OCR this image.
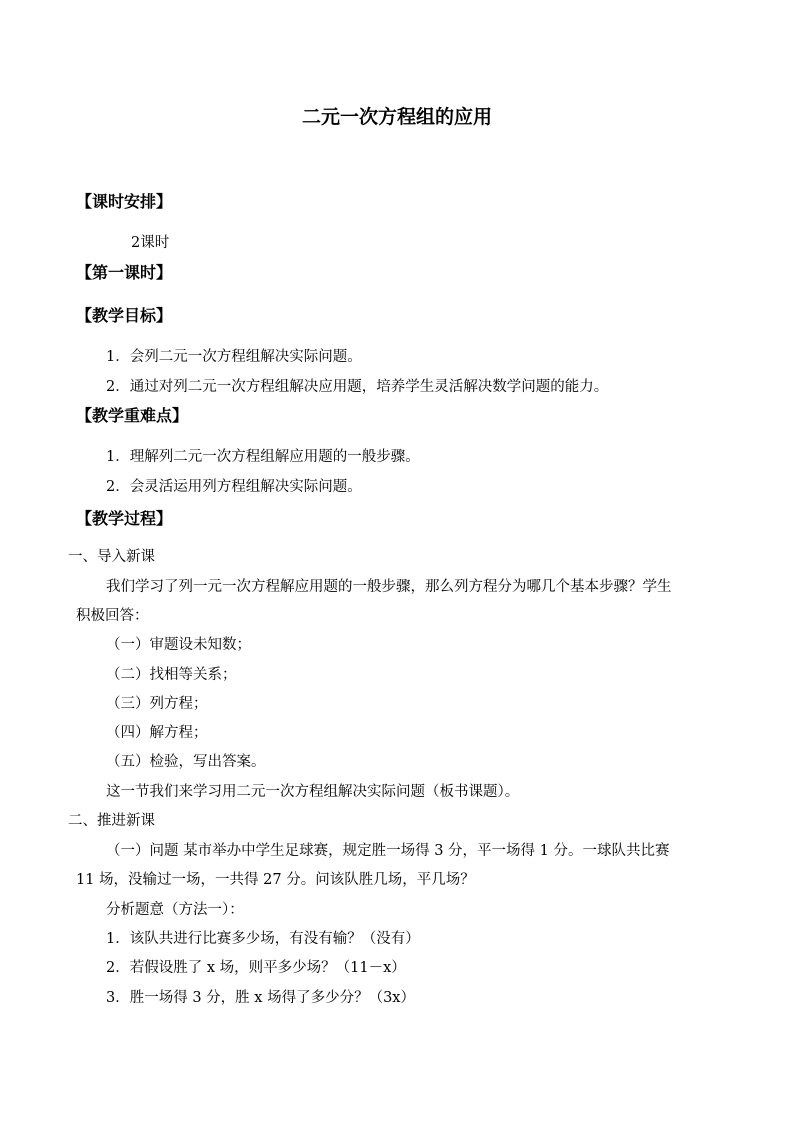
二元一次方程组的应用
【课时安排】
2课时
【第一课时】
【教学目标】
1．会列二元一次方程组解决实际问题。
2．通过对列二元一次方程组解决应用题，培养学生灵活解决数学问题的能力。
【教学重难点】
1．理解列二元一次方程组解应用题的一般步骤。
2．会灵活运用列方程组解决实际问题。
【教学过程】
一、导入新课
我们学习了列一元一次方程解应用题的一般步骤，那么列方程分为哪几个基本步骤？学生
积极回答：
（一）审题设未知数；
（二）找相等关系；
（三）列方程；
（四）解方程；
（五）检验，写出答案。
这一节我们来学习用二元一次方程组解决实际问题（板书课题）。
二、推进新课
（一）问题 某市举办中学生足球赛，规定胜一场得 3 分，平一场得 1 分。一球队共比赛
11 场，没输过一场，一共得 27 分。问该队胜几场，平几场？
分析题意（方法一）：
1．该队共进行比赛多少场，有没有输？（没有）
2．若假设胜了 x 场，则平多少场？（11－x）
3．胜一场得 3 分，胜 x 场得了多少分？（3x）
